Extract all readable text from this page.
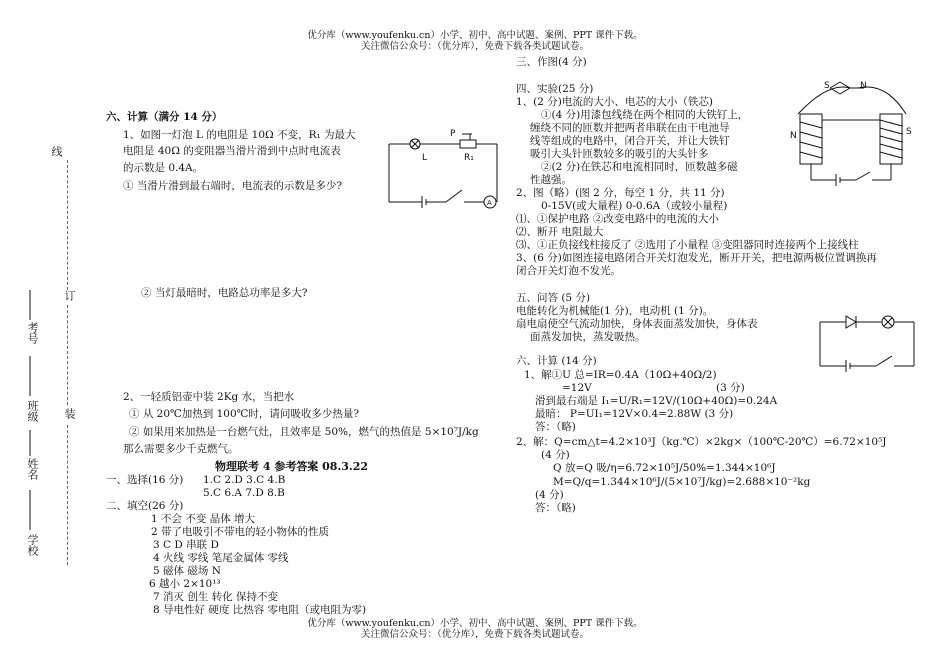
优分库（www.youfenku.cn）小学、初中、高中试题、案例、PPT 课件下载。
关注微信公众号：（优分库），免费下载各类试题试卷。
优分库（www.youfenku.cn）小学、初中、高中试题、案例、PPT 课件下载。
关注微信公众号：（优分库），免费下载各类试题试卷。
线
订
装
考号
班级
姓名
学校
六、计算（满分 14 分）
1、如图一灯泡 L 的电阻是 10Ω 不变，R₁ 为最大
电阻是 40Ω 的变阻器当滑片滑到中点时电流表
的示数是 0.4A。
① 当滑片滑到最右端时，电流表的示数是多少?
L
P
R₁
A
② 当灯最暗时，电路总功率是多大?
2、一轻质铝壶中装 2Kg 水，当把水
① 从 20℃加热到 100℃时，请问吸收多少热量?
② 如果用来加热是一台燃气灶，且效率是 50%，燃气的热值是 5×10⁷J/kg
那么需要多少千克燃气。
物理联考 4 参考答案 08.3.22
一、选择(16 分) 1.C 2.D 3.C 4.B
5.C 6.A 7.D 8.B
二、填空(26 分)
1 不会 不变 晶体 增大
2 带了电吸引不带电的轻小物体的性质
3 C D 串联 D
4 火线 零线 笔尾金属体 零线
5 磁体 磁场 N
6 越小 2×10¹³
7 消灭 创生 转化 保持不变
8 导电性好 硬度 比热容 零电阻（或电阻为零)
三、作图(4 分)
四、实验(25 分)
1、(2 分)电流的大小、电芯的大小（铁芯)
①(4 分)用漆包线绕在两个相同的大铁钉上，
缠绕不同的匝数并把两者串联在由干电池导
线等组成的电路中，闭合开关，并让大铁钉
吸引大头针匝数较多的吸引的大头针多
②(2 分)在铁芯和电流相同时，匝数越多磁
性越强。
S	N
N	S
2、图（略）(图 2 分，每空 1 分，共 11 分)
0-15V(或大量程) 0-0.6A（或较小量程)
⑴、①保护电路 ②改变电路中的电流的大小
⑵、断开 电阻最大
⑶、①正负接线柱接反了 ②选用了小量程 ③变阻器同时连接两个上接线柱
3、(6 分)如图连接电路闭合开关灯泡发光，断开开关，把电源两极位置调换再
闭合开关灯泡不发光。
五、问答 (5 分)
电能转化为机械能(1 分)，电动机 (1 分)。
扇电扇使空气流动加快，身体表面蒸发加快，身体表
面蒸发加快，蒸发吸热。
六、计算 (14 分)
1、解①U 总=IR=0.4A（10Ω+40Ω/2)
=12V	(3 分)
滑到最右端是 I₁=U/R₁=12V/(10Ω+40Ω)=0.24A
最暗： P=UI₁=12V×0.4=2.88W (3 分)
答：（略)
2、解：Q=cm△t=4.2×10³J（kg.℃）×2kg×（100℃-20℃）=6.72×10⁵J
(4 分)
Q 放=Q 吸/η=6.72×10⁵J/50%=1.344×10⁶J
M=Q/q=1.344×10⁶J/(5×10⁷J/kg)=2.688×10⁻²kg
(4 分)
答：（略)
